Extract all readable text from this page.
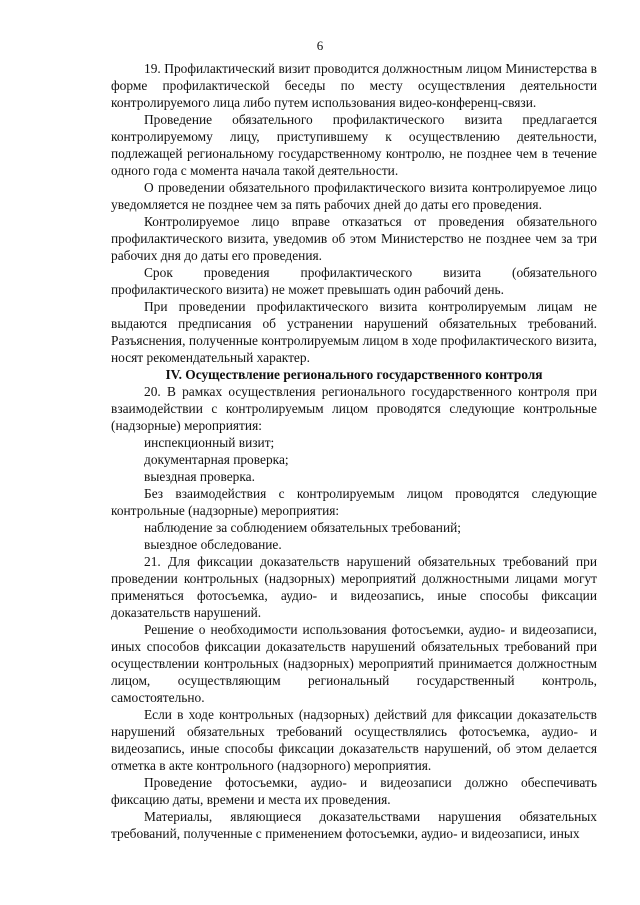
6

19. Профилактический визит проводится должностным лицом Министерства в форме профилактической беседы по месту осуществления деятельности контролируемого лица либо путем использования видео-конференц-связи.

Проведение обязательного профилактического визита предлагается контролируемому лицу, приступившему к осуществлению деятельности, подлежащей региональному государственному контролю, не позднее чем в течение одного года с момента начала такой деятельности.

О проведении обязательного профилактического визита контролируемое лицо уведомляется не позднее чем за пять рабочих дней до даты его проведения.

Контролируемое лицо вправе отказаться от проведения обязательного профилактического визита, уведомив об этом Министерство не позднее чем за три рабочих дня до даты его проведения.

Срок проведения профилактического визита (обязательного профилактического визита) не может превышать один рабочий день.

При проведении профилактического визита контролируемым лицам не выдаются предписания об устранении нарушений обязательных требований. Разъяснения, полученные контролируемым лицом в ходе профилактического визита, носят рекомендательный характер.

IV. Осуществление регионального государственного контроля

20. В рамках осуществления регионального государственного контроля при взаимодействии с контролируемым лицом проводятся следующие контрольные (надзорные) мероприятия:

инспекционный визит;

документарная проверка;

выездная проверка.

Без взаимодействия с контролируемым лицом проводятся следующие контрольные (надзорные) мероприятия:

наблюдение за соблюдением обязательных требований;

выездное обследование.

21. Для фиксации доказательств нарушений обязательных требований при проведении контрольных (надзорных) мероприятий должностными лицами могут применяться фотосъемка, аудио- и видеозапись, иные способы фиксации доказательств нарушений.

Решение о необходимости использования фотосъемки, аудио- и видеозаписи, иных способов фиксации доказательств нарушений обязательных требований при осуществлении контрольных (надзорных) мероприятий принимается должностным лицом, осуществляющим региональный государственный контроль, самостоятельно.

Если в ходе контрольных (надзорных) действий для фиксации доказательств нарушений обязательных требований осуществлялись фотосъемка, аудио- и видеозапись, иные способы фиксации доказательств нарушений, об этом делается отметка в акте контрольного (надзорного) мероприятия.

Проведение фотосъемки, аудио- и видеозаписи должно обеспечивать фиксацию даты, времени и места их проведения.

Материалы, являющиеся доказательствами нарушения обязательных требований, полученные с применением фотосъемки, аудио- и видеозаписи, иных
